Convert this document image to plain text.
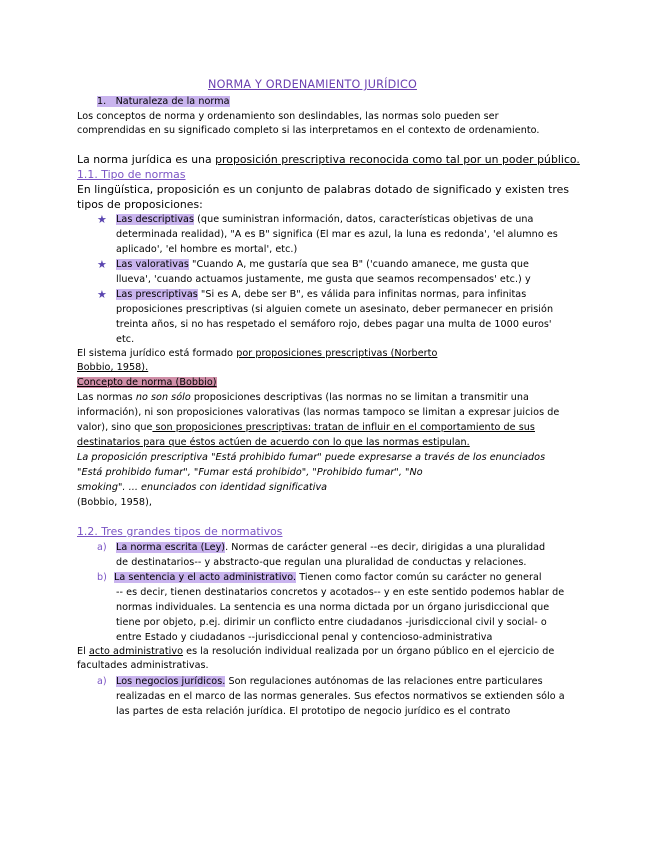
NORMA Y ORDENAMIENTO JURÍDICO
1. Naturaleza de la norma
Los conceptos de norma y ordenamiento son deslindables, las normas solo pueden ser
comprendidas en su significado completo si las interpretamos en el contexto de ordenamiento.
La norma jurídica es una proposición prescriptiva reconocida como tal por un poder público.
1.1. Tipo de normas
En lingüística, proposición es un conjunto de palabras dotado de significado y existen tres
tipos de proposiciones:
★ Las descriptivas (que suministran información, datos, características objetivas de una
determinada realidad), "A es B" significa (El mar es azul, la luna es redonda', 'el alumno es
aplicado', 'el hombre es mortal', etc.)
★ Las valorativas "Cuando A, me gustaría que sea B" ('cuando amanece, me gusta que
llueva', 'cuando actuamos justamente, me gusta que seamos recompensados' etc.) y
★ Las prescriptivas "Si es A, debe ser B", es válida para infinitas normas, para infinitas
proposiciones prescriptivas (si alguien comete un asesinato, deber permanecer en prisión
treinta años, si no has respetado el semáforo rojo, debes pagar una multa de 1000 euros'
etc.
El sistema jurídico está formado por proposiciones prescriptivas (Norberto
Bobbio, 1958).
Concepto de norma (Bobbio)
Las normas no son sólo proposiciones descriptivas (las normas no se limitan a transmitir una
información), ni son proposiciones valorativas (las normas tampoco se limitan a expresar juicios de
valor), sino que son proposiciones prescriptivas: tratan de influir en el comportamiento de sus
destinatarios para que éstos actúen de acuerdo con lo que las normas estipulan.
La proposición prescriptiva "Está prohibido fumar" puede expresarse a través de los enunciados
"Está prohibido fumar", "Fumar está prohibido", "Prohibido fumar", "No
smoking". ... enunciados con identidad significativa
(Bobbio, 1958),
1.2. Tres grandes tipos de normativos
a) La norma escrita (Ley). Normas de carácter general --es decir, dirigidas a una pluralidad
de destinatarios-- y abstracto-que regulan una pluralidad de conductas y relaciones.
b) La sentencia y el acto administrativo. Tienen como factor común su carácter no general
-- es decir, tienen destinatarios concretos y acotados-- y en este sentido podemos hablar de
normas individuales. La sentencia es una norma dictada por un órgano jurisdiccional que
tiene por objeto, p.ej. dirimir un conflicto entre ciudadanos -jurisdiccional civil y social- o
entre Estado y ciudadanos --jurisdiccional penal y contencioso-administrativa
El acto administrativo es la resolución individual realizada por un órgano público en el ejercicio de
facultades administrativas.
a) Los negocios jurídicos. Son regulaciones autónomas de las relaciones entre particulares
realizadas en el marco de las normas generales. Sus efectos normativos se extienden sólo a
las partes de esta relación jurídica. El prototipo de negocio jurídico es el contrato
